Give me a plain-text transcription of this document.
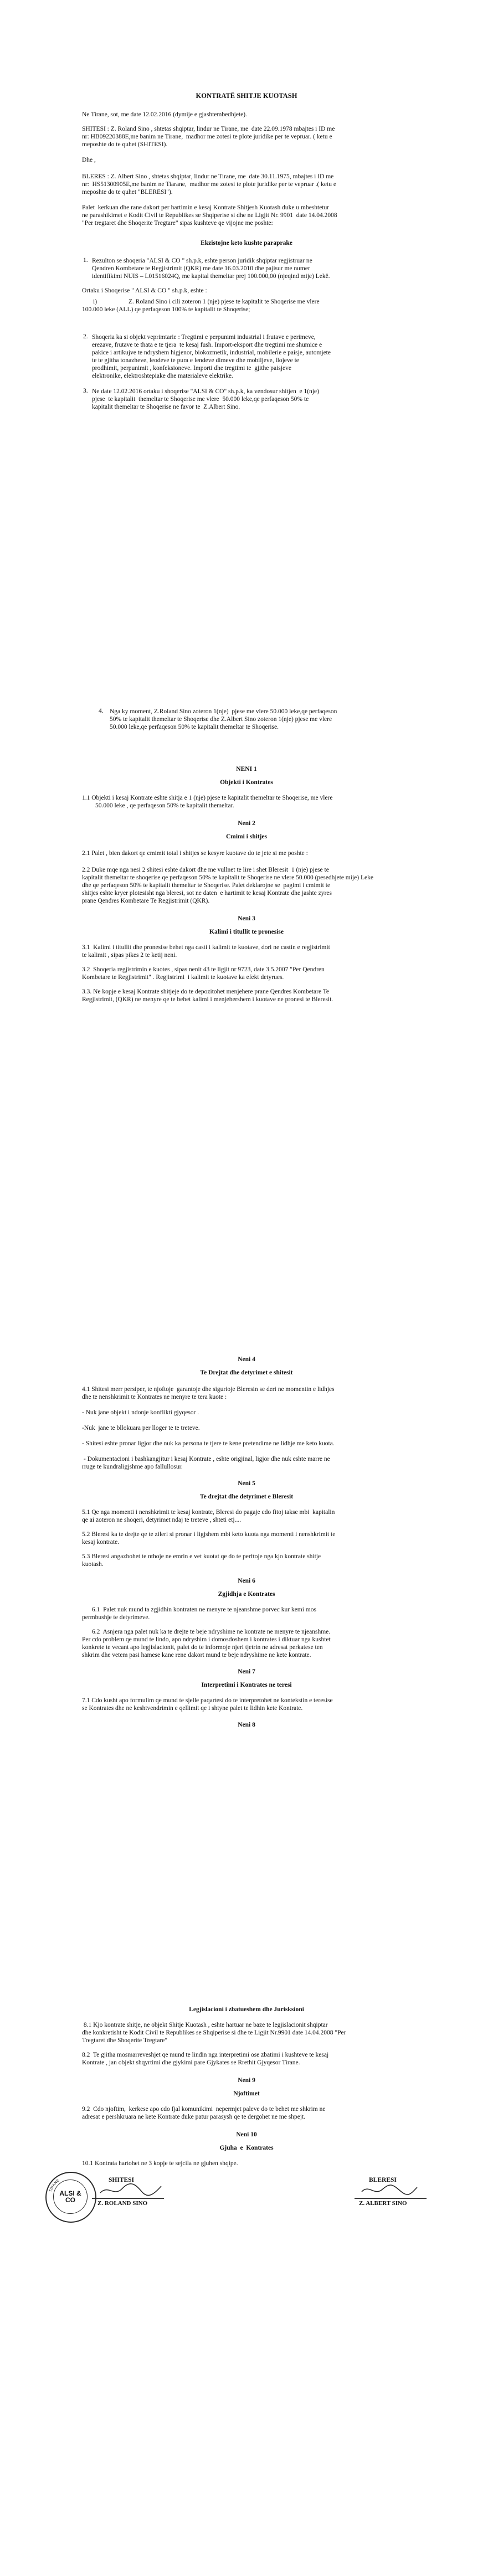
KONTRATË SHITJE KUOTASH
Ne Tirane, sot, me date 12.02.2016 (dymije e gjashtembedhjete).
SHITESI : Z. Roland Sino , shtetas shqiptar, lindur ne Tirane, me  date 22.09.1978 mbajtes i ID me
nr: HB09220388E,me banim ne Tirane,  madhor me zotesi te plote juridike per te vepruar. ( ketu e
meposhte do te quhet (SHITESI).
Dhe ,
BLERES : Z. Albert Sino , shtetas shqiptar, lindur ne Tirane, me  date 30.11.1975, mbajtes i ID me
nr:  HS51300905E,me banim ne Tiarane,  madhor me zotesi te plote juridike per te vepruar .( ketu e
meposhte do te quhet "BLERESI").
Palet  kerkuan dhe rane dakort per hartimin e kesaj Kontrate Shitjesh Kuotash duke u mbeshtetur
ne parashikimet e Kodit Civil te Republikes se Shqiperise si dhe ne Ligjit Nr. 9901  date 14.04.2008
"Per tregtaret dhe Shoqerite Tregtare" sipas kushteve qe vijojne me poshte:
Ekzistojne keto kushte paraprake
1. Rezulton se shoqeria "ALSI & CO " sh.p.k, eshte person juridik shqiptar regjistruar ne
Qendren Kombetare te Regjistrimit (QKR) me date 16.03.2010 dhe pajisur me numer
identifikimi NUIS – L01516024Q, me kapital themeltar prej 100.000,00 (njeqind mije) Lekë.
Ortaku i Shoqerise " ALSI & CO " sh.p.k, eshte :
i)	Z. Roland Sino i cili zoteron 1 (nje) pjese te kapitalit te Shoqerise me vlere
100.000 leke (ALL) qe perfaqeson 100% te kapitalit te Shoqerise;
2. Shoqeria ka si objekt veprimtarie : Tregtimi e perpunimi industrial i frutave e perimeve,
erezave, frutave te thata e te tjera  te kesaj fush. Import-eksport dhe tregtimi me shumice e
pakice i artikujve te ndryshem higjenor, biokozmetik, industrial, mobilerie e paisje, automjete
te te gjitha tonazheve, leodeve te pura e lendeve dimeve dhe mobiljeve, llojeve te
prodhimit, perpunimit , konfeksioneve. Importi dhe tregtimi te  gjithe paisjeve
elektronike, elektroshtepiake dhe materialeve elektrike.
3. Ne date 12.02.2016 ortaku i shoqerise "ALSI & CO" sh.p.k, ka vendosur shitjen  e 1(nje)
pjese  te kapitalit  themeltar te Shoqerise me vlere  50.000 leke,qe perfaqeson 50% te
kapitalit themeltar te Shoqerise ne favor te  Z.Albert Sino.
4. Nga ky moment, Z.Roland Sino zoteron 1(nje)  pjese me vlere 50.000 leke,qe perfaqeson
50% te kapitalit themeltar te Shoqerise dhe Z.Albert Sino zoteron 1(nje) pjese me vlere
50.000 leke,qe perfaqeson 50% te kapitalit themeltar te Shoqerise.
NENI 1
Objekti i Kontrates
1.1 Objekti i kesaj Kontrate eshte shitja e 1 (nje) pjese te kapitalit themeltar te Shoqerise, me vlere
50.000 leke , qe perfaqeson 50% te kapitalit themeltar.
Neni 2
Cmimi i shitjes
2.1 Palet , bien dakort qe cmimit total i shitjes se kesyre kuotave do te jete si me poshte :
2.2 Duke mqe nga nesi 2 shitesi eshte dakort dhe me vullnet te lire i shet Bleresit  1 (nje) pjese te
kapitalit themeltar te shoqerise qe perfaqeson 50% te kapitalit te Shoqerise ne vlere 50.000 (pesedhjete mije) Leke
dhe qe perfaqeson 50% te kapitalit themeltar te Shoqerise. Palet deklarojne se  pagimi i cmimit te
shitjes eshte kryer plotesisht nga bleresi, sot ne daten  e hartimit te kesaj Kontrate dhe jashte zyres
prane Qendres Kombetare Te Regjistrimit (QKR).
Neni 3
Kalimi i titullit te pronesise
3.1  Kalimi i titullit dhe pronesise behet nga casti i kalimit te kuotave, dori ne castin e regjistrimit
te kalimit , sipas pikes 2 te ketij neni.
3.2  Shoqeria regjistrimin e kuotes , sipas nenit 43 te ligjit nr 9723, date 3.5.2007 "Per Qendren
Kombetare te Regjistrimit" . Regjistrimi  i kalimit te kuotave ka efekt detyrues.
3.3. Ne kopje e kesaj Kontrate shitjeje do te depozitohet menjehere prane Qendres Kombetare Te
Regjistrimit, (QKR) ne menyre qe te behet kalimi i menjehershem i kuotave ne pronesi te Bleresit.
Neni 4
Te Drejtat dhe detyrimet e shitesit
4.1 Shitesi merr persiper, te njoftoje  garantoje dhe sigurioje Bleresin se deri ne momentin e lidhjes
dhe te nenshkrimit te Kontrates ne menyre te tera kuote :
- Nuk jane objekt i ndonje konflikti gjyqesor .
-Nuk  jane te bllokuara per lloger te te treteve.
- Shitesi eshte pronar ligjor dhe nuk ka persona te tjere te kene pretendime ne lidhje me keto kuota.
- Dokumentacioni i bashkangjitur i kesaj Kontrate , eshte origjinal, ligjor dhe nuk eshte marre ne
rruge te kundraligjshme apo fallullosur.
Neni 5
Te drejtat dhe detyrimet e Bleresit
5.1 Qe nga momenti i nenshkrimit te kesaj kontrate, Bleresi do pagaje cdo fitoj takse mbi  kapitalin
qe ai zoteron ne shoqeri, detyrimet ndaj te treteve , shteti etj....
5.2 Bleresi ka te drejte qe te zileri si pronar i ligjshem mbi keto kuota nga momenti i nenshkrimit te
kesaj kontrate.
5.3 Bleresi angazhohet te nthoje ne emrin e vet kuotat qe do te perftoje nga kjo kontrate shitje
kuotash.
Neni 6
Zgjidhja e Kontrates
6.1  Palet nuk mund ta zgjidhin kontraten ne menyre te njeanshme porvec kur kemi mos
permbushje te detyrimeve.
6.2  Asnjera nga palet nuk ka te drejte te beje ndryshime ne kontrate ne menyre te njeanshme.
Per cdo problem qe mund te lindo, apo ndryshim i domosdoshem i kontrates i diktuar nga kushtet
konkrete te vecant apo legjislacionit, palet do te informoje njeri tjetrin ne adresat perkatese ten
shkrim dhe vetem pasi hamese kane rene dakort mund te beje ndryshime ne kete kontrate.
Neni 7
Interpretimi i Kontrates ne teresi
7.1 Cdo kusht apo formulim qe mund te sjelle paqartesi do te interpretohet ne kontekstin e teresise
se Kontrates dhe ne keshtvendrimin e qellimit qe i shtyne palet te lidhin kete Kontrate.
Neni 8
Legjislacioni i zbatueshem dhe Jurisksioni
8.1 Kjo kontrate shitje, ne objekt Shitje Kuotash , eshte hartuar ne baze te legjislacionit shqiptar
dhe konkretisht te Kodit Civil te Republikes se Shqiperise si dhe te Ligjit Nr.9901 date 14.04.2008 "Per
Tregtaret dhe Shoqerite Tregtare"
8.2  Te gjitha mosmarreveshjet qe mund te lindin nga interpretimi ose zbatimi i kushteve te kesaj
Kontrate , jan objekt shqyrtimi dhe gjykimi pare Gjykates se Rrethit Gjyqesor Tirane.
Neni 9
Njoftimet
9.2  Cdo njoftim,  kerkese apo cdo fjal komunikimi  nepermjet paleve do te behet me shkrim ne
adresat e pershkruara ne kete Kontrate duke patur parasysh qe te dergohet ne me shpejt.
Neni 10
Gjuha  e  Kontrates
10.1 Kontrata hartohet ne 3 kopje te sejcila ne gjuhen shqipe.
SHITESI
Z. ROLAND SINO
ALSI & CO
TIRANE	BLERESI
Z. ALBERT SINO
